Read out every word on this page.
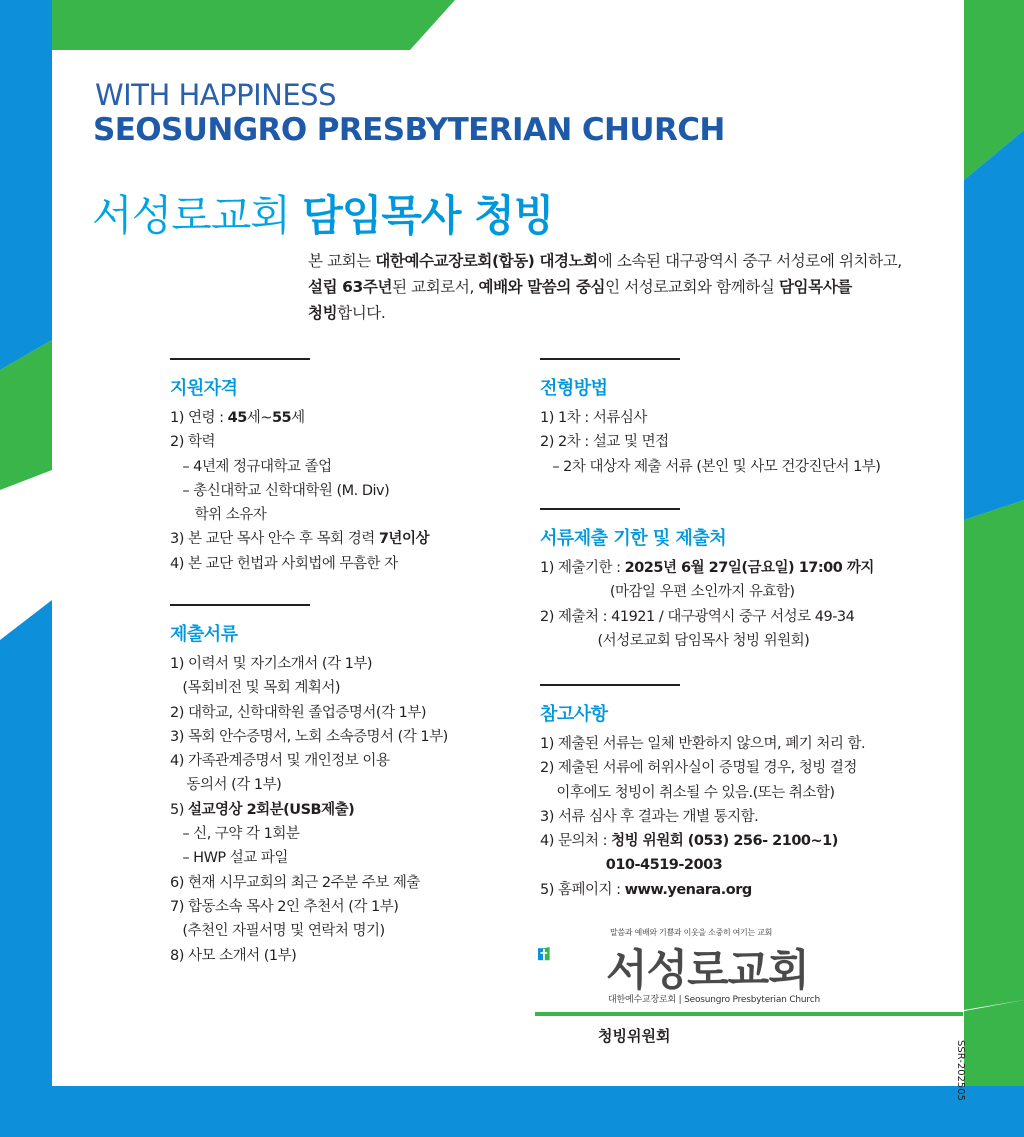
WITH HAPPINESS
SEOSUNGRO PRESBYTERIAN CHURCH
서성로교회 담임목사 청빙
본 교회는 대한예수교장로회(합동) 대경노회에 소속된 대구광역시 중구 서성로에 위치하고,
설립 63주년된 교회로서, 예배와 말씀의 중심인 서성로교회와 함께하실 담임목사를
청빙합니다.
지원자격
1) 연령 : 45세~55세
2) 학력
– 4년제 정규대학교 졸업
– 총신대학교 신학대학원 (M. Div)
학위 소유자
3) 본 교단 목사 안수 후 목회 경력 7년이상
4) 본 교단 헌법과 사회법에 무흠한 자
제출서류
1) 이력서 및 자기소개서 (각 1부)
(목회비전 및 목회 계획서)
2) 대학교, 신학대학원 졸업증명서(각 1부)
3) 목회 안수증명서, 노회 소속증명서 (각 1부)
4) 가족관계증명서 및 개인정보 이용
동의서 (각 1부)
5) 설교영상 2회분(USB제출)
– 신, 구약 각 1회분
– HWP 설교 파일
6) 현재 시무교회의 최근 2주분 주보 제출
7) 합동소속 목사 2인 추천서 (각 1부)
(추천인 자필서명 및 연락처 명기)
8) 사모 소개서 (1부)
전형방법
1) 1차 : 서류심사
2) 2차 : 설교 및 면접
– 2차 대상자 제출 서류 (본인 및 사모 건강진단서 1부)
서류제출 기한 및 제출처
1) 제출기한 : 2025년 6월 27일(금요일) 17:00 까지
(마감일 우편 소인까지 유효함)
2) 제출처 : 41921 / 대구광역시 중구 서성로 49-34
(서성로교회 담임목사 청빙 위원회)
참고사항
1) 제출된 서류는 일체 반환하지 않으며, 폐기 처리 함.
2) 제출된 서류에 허위사실이 증명될 경우, 청빙 결정
이후에도 청빙이 취소될 수 있음.(또는 취소함)
3) 서류 심사 후 결과는 개별 통지함.
4) 문의처 : 청빙 위원회 (053) 256- 2100~1)
010-4519-2003
5) 홈페이지 : www.yenara.org
말씀과 예배와 기쁨과 이웃을 소중히 여기는 교회
서성로교회
대한예수교장로회 | Seosungro Presbyterian Church
청빙위원회
SSR-202505
